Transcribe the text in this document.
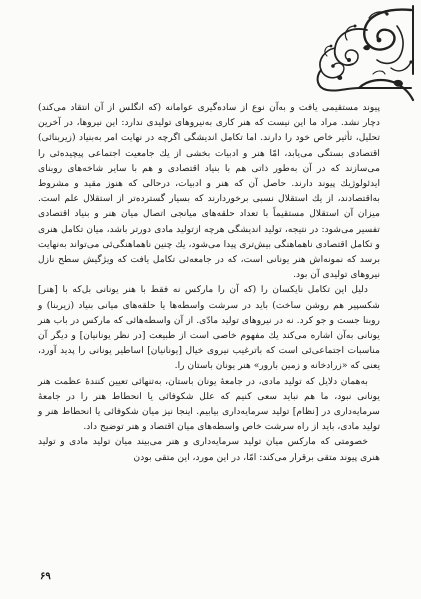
پیوند مستقیمی یافت و به‌آن نوع از ساده‌گیری عوامانه (که انگلس از آن انتقاد می‌کند) دچار نشد. مراد ما این نیست که هنر کاری به‌نیروهای تولیدی ندارد: این نیروها، در آخرین تحلیل، تأثیر خاص خود را دارند. اما تکامل اندیشگی اگرچه در نهایت امر به‌بنیاد (زیربنائی) اقتصادی بستگی می‌یابد، امّا هنر و ادبیات بخشی از یك جامعیت اجتماعی پیچیده‌ئی را می‌سازند که در آن به‌طور ذاتی هم با بنیاد اقتصادی و هم با سایر شاخه‌های روبنای ایدئولوژیك پیوند دارند. حاصل آن که هنر و ادبیات، درحالی که هنوز مقید و مشروط به‌اقتصادند، از یك استقلال نسبی برخوردارند که بسیار گسترده‌تر از استقلال علم است. میزان آن استقلال مستقیماً با تعداد حلقه‌های میانجی اتصال میان هنر و بنیاد اقتصادی تفسیر می‌شود: در نتیجه، تولید اندیشگی هرچه ازتولید مادی دورتر باشد، میان تکامل هنری و تکامل اقتصادی ناهماهنگی بیش‌تری پیدا می‌شود، یك چنین ناهماهنگی‌ئی می‌تواند به‌نهایت برسد که نمونه‌اش هنر یونانی است، که در جامعه‌ئی تکامل یافت که ویژگیش سطح نازل نیروهای تولیدی آن بود.

دلیل این تکامل نایکسان را (که آن را مارکس نه فقط با هنر یونانی بل‌که با [هنر] شکسپیر هم روشن ساخت) باید در سرشت واسطه‌ها یا حلقه‌های میانی بنیاد (زیربنا) و روبنا جست و جو کرد. نه در نیروهای تولید مادّی. از آن واسطه‌هائی که مارکس در باب هنر یونانی به‌آن اشاره می‌کند یك مفهوم خاصی است از طبیعت [در نظر یونانیان] و دیگر آن مناسبات اجتماعی‌ئی است که باترغیب نیروی خیال [یونانیان] اساطیر یونانی را پدید آورد، یعنی که «زرادخانه و زمین بارور» هنر یونان باستان را.

به‌همان دلایل که تولید مادی، در جامعهٔ یونان باستان، به‌تنهائی تعیین کنندهٔ عظمت هنر یونانی نبود، ما هم نباید سعی کنیم که علل شکوفائی یا انحطاط هنر را در جامعهٔ سرمایه‌داری در [نظام] تولید سرمایه‌داری بیابیم. اینجا نیز میان شکوفائی یا انحطاط هنر و تولید مادی، باید از راه سرشت خاص واسطه‌های میان اقتصاد و هنر توضیح داد.

خصومتی که مارکس میان تولید سرمایه‌داری و هنر می‌بیند میان تولید مادی و تولید هنری پیوند متقی برقرار می‌کند: امّا، در این مورد، این متقی بودن

۶۹
